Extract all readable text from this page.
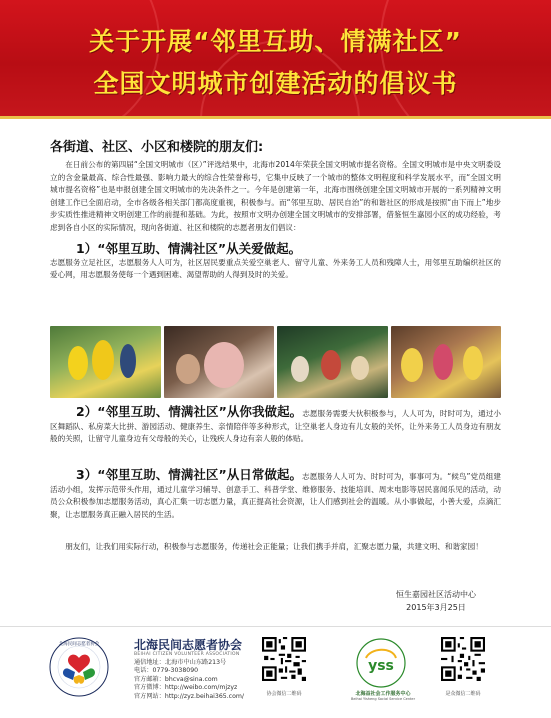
关于开展“邻里互助、情满社区”
全国文明城市创建活动的倡议书
各街道、社区、小区和楼院的朋友们:

在日前公布的第四届“全国文明城市（区）”评选结果中，北海市2014年荣获全国文明城市提名资格。全国文明城市是中央文明委设立的含金量最高、综合性最强、影响力最大的综合性荣誉称号，它集中反映了一个城市的整体文明程度和科学发展水平，而“全国文明城市提名资格”也是申报创建全国文明城市的先决条件之一。今年是创建第一年，北海市围绕创建全国文明城市开展的一系列精神文明创建工作已全面启动，全市各级各相关部门都高度重视，积极参与。而“邻里互助、居民自治”的和谐社区的形成是按照“由下而上”地步步实质性推进精神文明创建工作的前提和基础。为此，按照市文明办创建全国文明城市的安排部署，借鉴恒生嘉园小区的成功经验，考虑到各自小区的实际情况，现向各街道、社区和楼院的志愿者朋友们倡议：

1）“邻里互助、情满社区”从关爱做起。

志愿服务立足社区，志愿服务人人可为，社区居民要重点关爱空巢老人、留守儿童、外来务工人员和残障人士，用邻里互助编织社区的爱心网，用志愿服务使每一个遇到困难、渴望帮助的人得到及时的关爱。

2）“邻里互助、情满社区”从你我做起。志愿服务需要大伙积极参与，人人可为，时时可为，通过小区舞蹈队、私房菜大比拼、游园活动、健康养生、亲情陪伴等多种形式，让空巢老人身边有儿女般的关怀，让外来务工人员身边有朋友般的关照，让留守儿童身边有父母般的关心，让残疾人身边有亲人般的体贴。

3）“邻里互助、情满社区”从日常做起。志愿服务人人可为、时时可为，事事可为。“候鸟”党员组建活动小组，发挥示范带头作用，通过儿童学习辅导、创意手工、科普学堂、维修服务、技能培训、周末电影等居民喜闻乐见的活动，动员公众积极参加志愿服务活动，真心汇集一切志愿力量，真正提高社会资源，让人们感到社会的温暖。从小事做起，小善大爱，点滴汇聚，让志愿服务真正融入居民的生活。

朋友们，让我们用实际行动，积极参与志愿服务，传递社会正能量；让我们携手并肩，汇聚志愿力量，共建文明、和谐家园！

恒生嘉园社区活动中心
2015年3月25日
北海民间志愿者协会	北海民间志愿者协会
BEIHAI CITIZEN VOLUNTEER ASSOCIATION
通信地址：北海市中山东路213号
电话：0779-3038090
官方邮箱：bhcva@sina.com
官方微博：http://weibo.com/mjzyz
官方网站：http://zyz.beihai365.com/	协会微信二维码
yss
北海益社会工作服务中心
Beihai Yisheng Social Service Center
是众微信二维码
